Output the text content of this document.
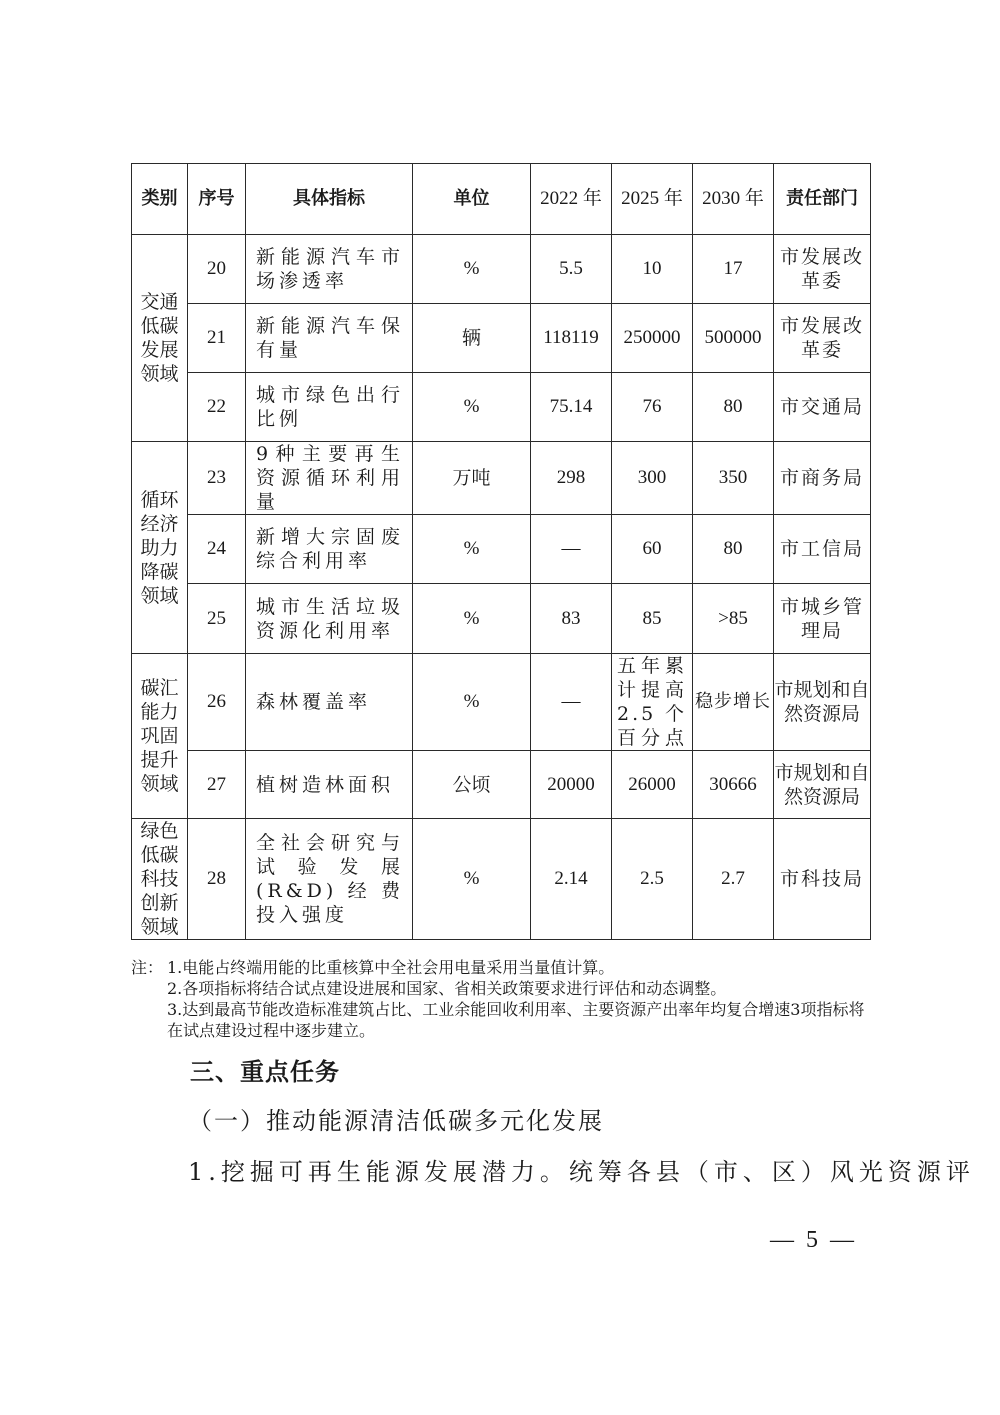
类别	序号	具体指标	单位	2022 年	2025 年	2030 年	责任部门
交通低碳发展领域	20	新能源汽车市场渗透率	%	5.5	10	17	市发展改革委
	21	新能源汽车保有量	辆	118119	250000	500000	市发展改革委
	22	城市绿色出行比例	%	75.14	76	80	市交通局
循环经济助力降碳领域	23	9种主要再生资源循环利用量	万吨	298	300	350	市商务局
	24	新增大宗固废综合利用率	%	—	60	80	市工信局
	25	城市生活垃圾资源化利用率	%	83	85	>85	市城乡管理局
碳汇能力巩固提升领域	26	森林覆盖率	%	—	五年累计提高2.5个百分点	稳步增长	市规划和自然资源局
	27	植树造林面积	公顷	20000	26000	30666	市规划和自然资源局
绿色低碳科技创新领域	28	全社会研究与试验发展(R&D)经费投入强度	%	2.14	2.5	2.7	市科技局
注： 1.电能占终端用能的比重核算中全社会用电量采用当量值计算。
2.各项指标将结合试点建设进展和国家、省相关政策要求进行评估和动态调整。
3.达到最高节能改造标准建筑占比、工业余能回收利用率、主要资源产出率年均复合增速3项指标将在试点建设过程中逐步建立。
三、重点任务

（一）推动能源清洁低碳多元化发展

1.挖掘可再生能源发展潜力。统筹各县（市、区）风光资源评

— 5 —
